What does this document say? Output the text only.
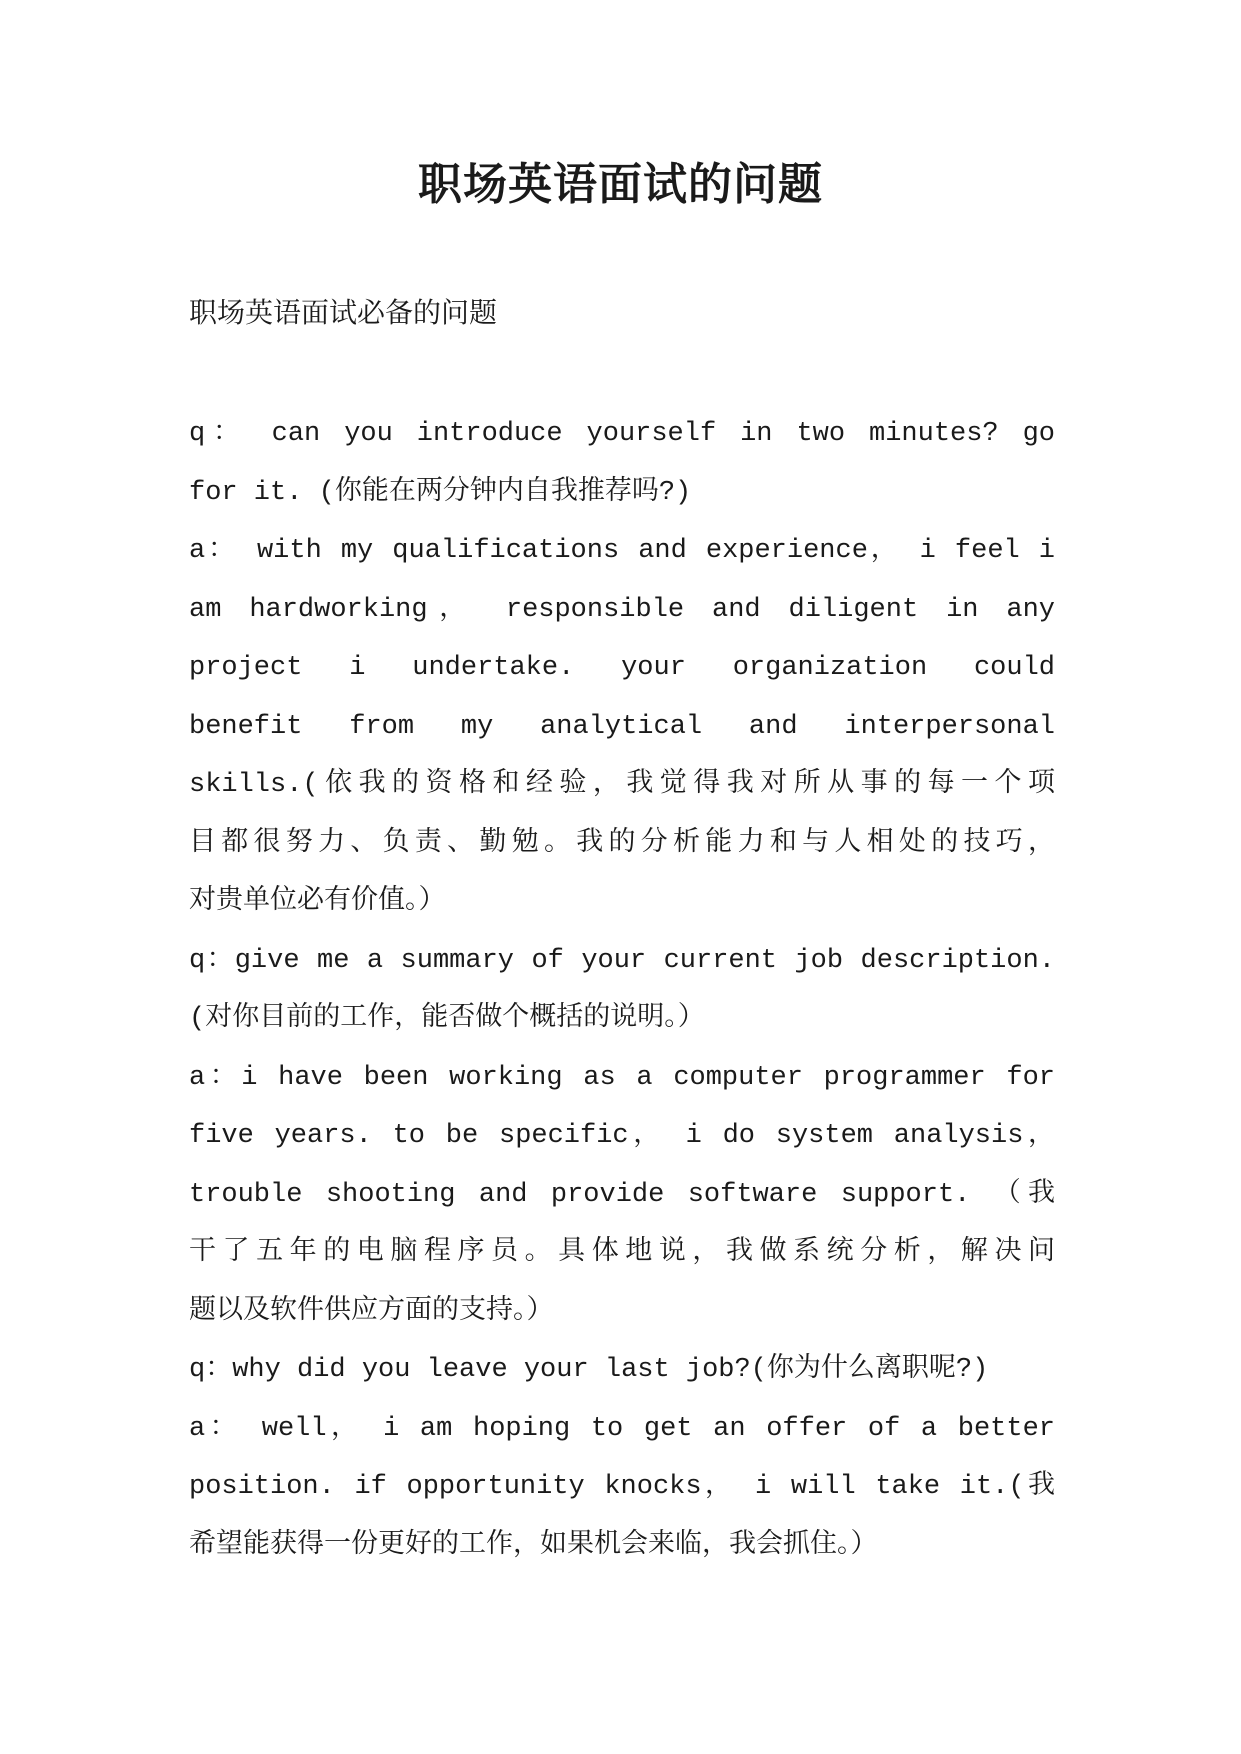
职场英语面试的问题
职场英语面试必备的问题
q： can you introduce yourself in two minutes? go
for it. (你能在两分钟内自我推荐吗?)
a： with my qualifications and experience， i feel i
am hardworking， responsible and diligent in any
project i undertake. your organization could
benefit from my analytical and interpersonal
skills.(依我的资格和经验，我觉得我对所从事的每一个项
目都很努力、负责、勤勉。我的分析能力和与人相处的技巧，
对贵单位必有价值。）
q：give me a summary of your current job description.
(对你目前的工作，能否做个概括的说明。）
a：i have been working as a computer programmer for
five years. to be specific， i do system analysis，
trouble shooting and provide software support. （我
干了五年的电脑程序员。具体地说，我做系统分析，解决问
题以及软件供应方面的支持。）
q：why did you leave your last job?(你为什么离职呢?)
a： well， i am hoping to get an offer of a better
position. if opportunity knocks， i will take it.(我
希望能获得一份更好的工作，如果机会来临，我会抓住。）
